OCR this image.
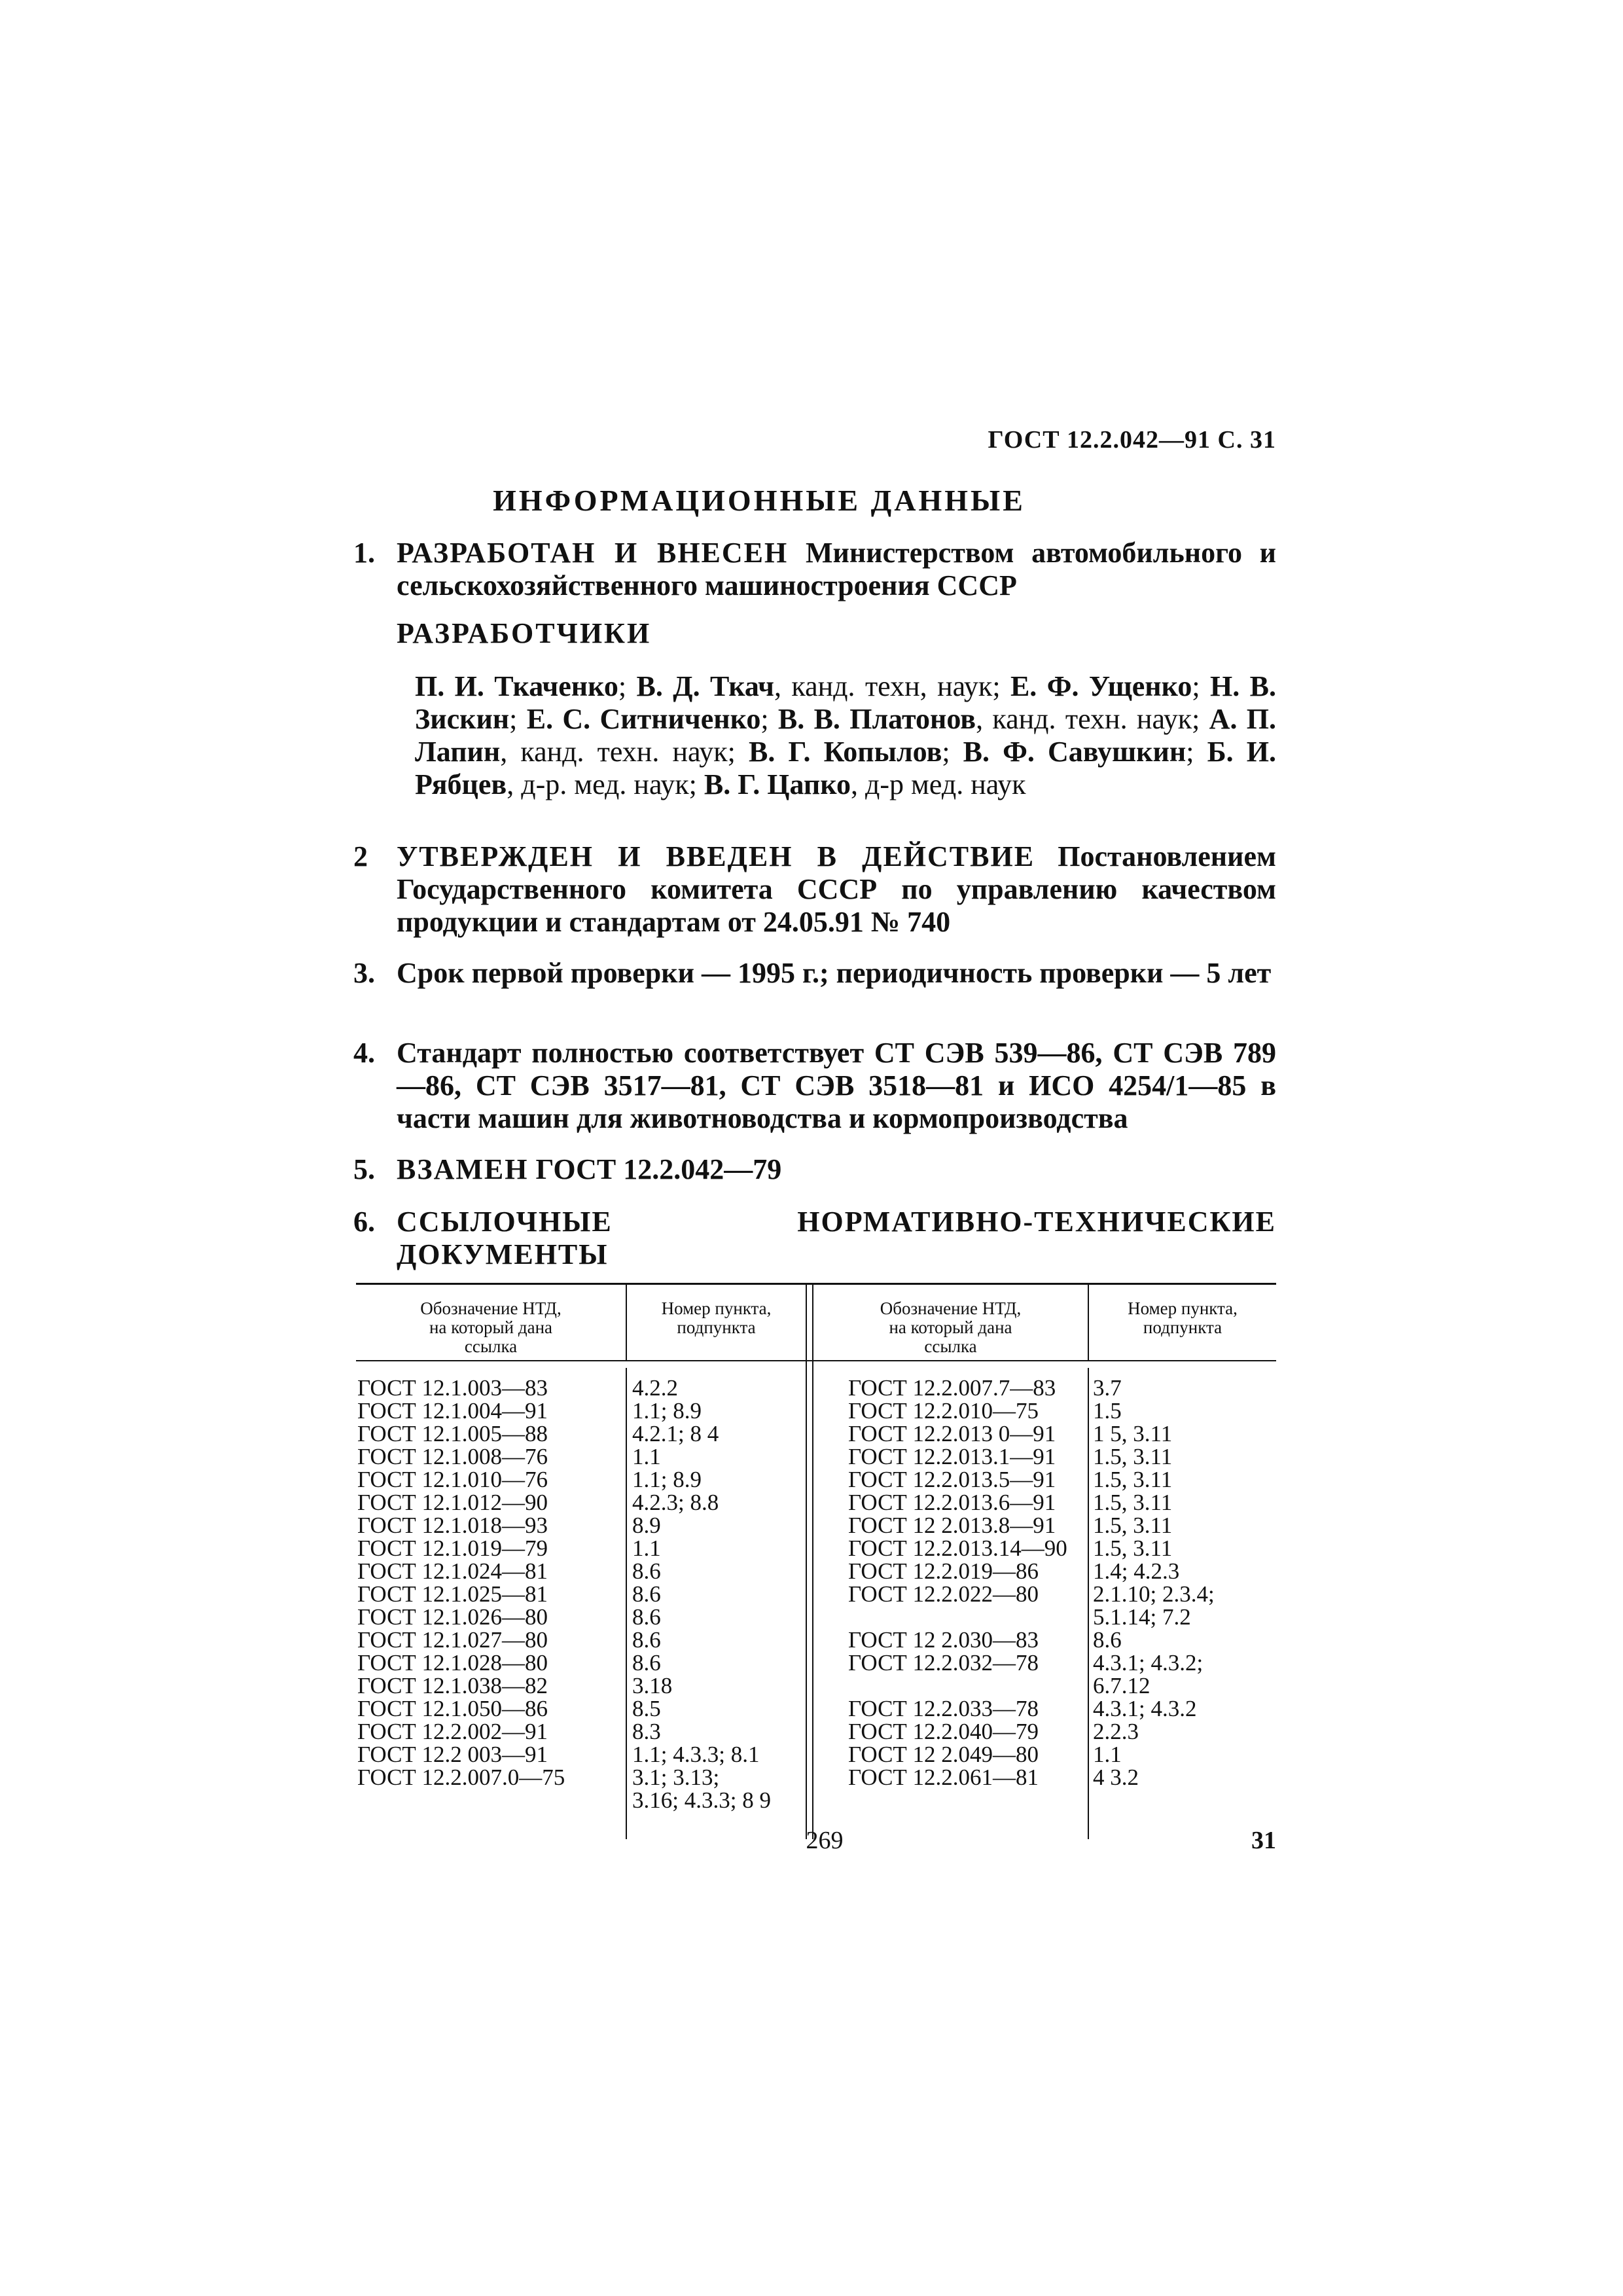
ГОСТ 12.2.042—91 С. 31
ИНФОРМАЦИОННЫЕ ДАННЫЕ
1. РАЗРАБОТАН И ВНЕСЕН Министерством автомобильного и сельскохозяйственного машиностроения СССР
РАЗРАБОТЧИКИ
П. И. Ткаченко; В. Д. Ткач, канд. техн, наук; Е. Ф. Ущенко; Н. В. Зискин; Е. С. Ситниченко; В. В. Платонов, канд. техн. наук; А. П. Лапин, канд. техн. наук; В. Г. Копылов; В. Ф. Савушкин; Б. И. Рябцев, д-р. мед. наук; В. Г. Цапко, д-р мед. наук
2	УТВЕРЖДЕН И ВВЕДЕН В ДЕЙСТВИЕ Постановлением Государственного комитета СССР по управлению качеством продукции и стандартам от 24.05.91 № 740
3. Срок первой проверки — 1995 г.; периодичность проверки — 5 лет
4. Стандарт полностью соответствует СТ СЭВ 539—86, СТ СЭВ 789—86, СТ СЭВ 3517—81, СТ СЭВ 3518—81 и ИСО 4254/1—85 в части машин для животноводства и кормопроизводства
5. ВЗАМЕН ГОСТ 12.2.042—79
6. ССЫЛОЧНЫЕ НОРМАТИВНО-ТЕХНИЧЕСКИЕ ДОКУМЕНТЫ
Обозначение НТД,
на который дана
ссылка
Номер пункта,
подпункта
Обозначение НТД,
на который дана
ссылка
Номер пункта,
подпункта
ГОСТ 12.1.003—83
ГОСТ 12.1.004—91
ГОСТ 12.1.005—88
ГОСТ 12.1.008—76
ГОСТ 12.1.010—76
ГОСТ 12.1.012—90
ГОСТ 12.1.018—93
ГОСТ 12.1.019—79
ГОСТ 12.1.024—81
ГОСТ 12.1.025—81
ГОСТ 12.1.026—80
ГОСТ 12.1.027—80
ГОСТ 12.1.028—80
ГОСТ 12.1.038—82
ГОСТ 12.1.050—86
ГОСТ 12.2.002—91
ГОСТ 12.2 003—91
ГОСТ 12.2.007.0—75
4.2.2
1.1; 8.9
4.2.1; 8 4
1.1
1.1; 8.9
4.2.3; 8.8
8.9
1.1
8.6
8.6
8.6
8.6
8.6
3.18
8.5
8.3
1.1; 4.3.3; 8.1
3.1; 3.13;
3.16; 4.3.3; 8 9
ГОСТ 12.2.007.7—83
ГОСТ 12.2.010—75
ГОСТ 12.2.013 0—91
ГОСТ 12.2.013.1—91
ГОСТ 12.2.013.5—91
ГОСТ 12.2.013.6—91
ГОСТ 12 2.013.8—91
ГОСТ 12.2.013.14—90
ГОСТ 12.2.019—86
ГОСТ 12.2.022—80
ГОСТ 12 2.030—83
ГОСТ 12.2.032—78
ГОСТ 12.2.033—78
ГОСТ 12.2.040—79
ГОСТ 12 2.049—80
ГОСТ 12.2.061—81
3.7
1.5
1 5, 3.11
1.5, 3.11
1.5, 3.11
1.5, 3.11
1.5, 3.11
1.5, 3.11
1.4; 4.2.3
2.1.10; 2.3.4;
5.1.14; 7.2
8.6
4.3.1; 4.3.2;
6.7.12
4.3.1; 4.3.2
2.2.3
1.1
4 3.2
269	31
